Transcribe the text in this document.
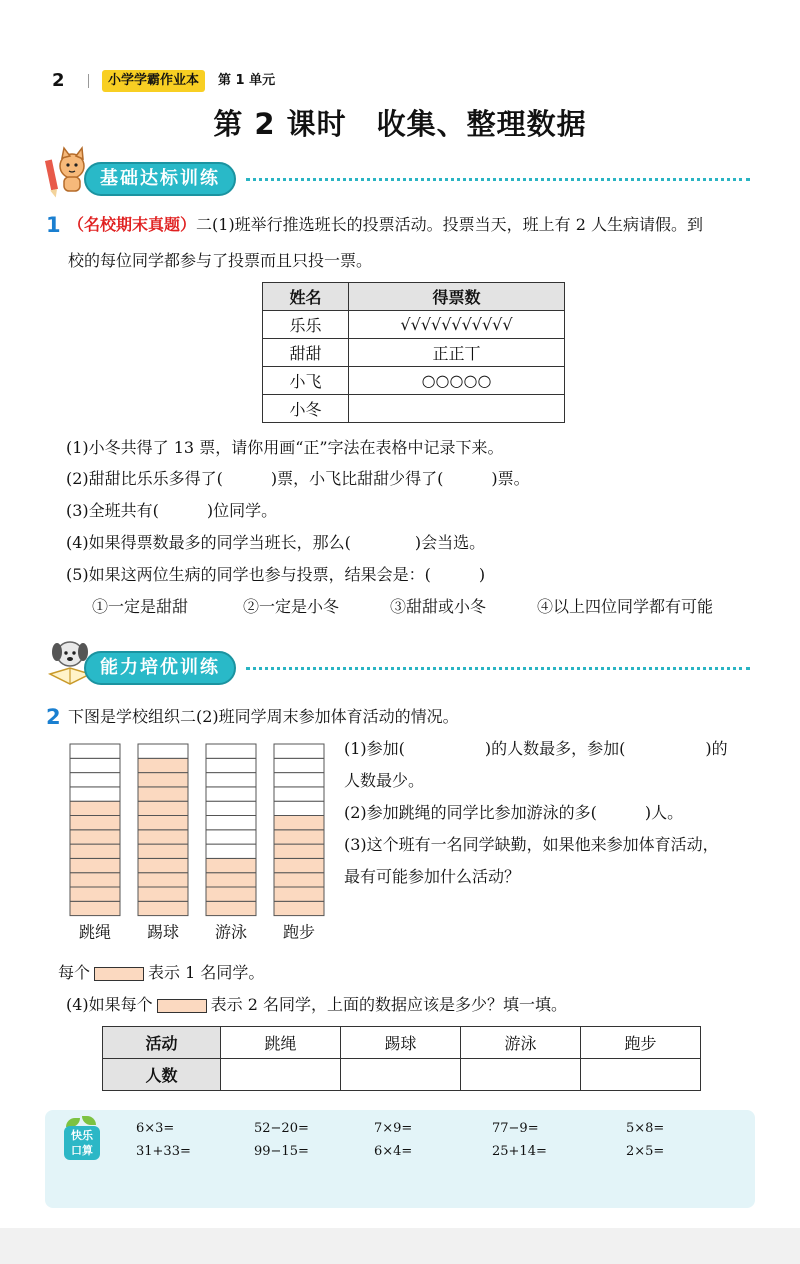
2	小学学霸作业本	第 1 单元
第 2 课时　收集、整理数据
基础达标训练
1 （名校期末真题）二(1)班举行推选班长的投票活动。投票当天，班上有 2 人生病请假。到
校的每位同学都参与了投票而且只投一票。
姓名	得票数
乐乐	√√√√√√√√√√√
甜甜	正正丅
小飞	○○○○○
小冬	
(1)小冬共得了 13 票，请你用画“正”字法在表格中记录下来。
(2)甜甜比乐乐多得了(　　　)票，小飞比甜甜少得了(　　　)票。
(3)全班共有(　　　)位同学。
(4)如果得票数最多的同学当班长，那么(　　　　)会当选。
(5)如果这两位生病的同学也参与投票，结果会是：(　　　)
①一定是甜甜	②一定是小冬	③甜甜或小冬	④以上四位同学都有可能
能力培优训练
2 下图是学校组织二(2)班同学周末参加体育活动的情况。
跳绳 踢球 游泳 跑步
每个	表示 1 名同学。
(1)参加(　　　　　)的人数最多，参加(　　　　　)的
人数最少。
(2)参加跳绳的同学比参加游泳的多(　　　)人。
(3)这个班有一名同学缺勤，如果他来参加体育活动，
最有可能参加什么活动？
(4)如果每个	表示 2 名同学，上面的数据应该是多少？填一填。
活动	跳绳	踢球	游泳	跑步
人数				
快乐
口算
6×3=	52−20=	7×9=	77−9=	5×8=
31+33=	99−15=	6×4=	25+14=	2×5=
